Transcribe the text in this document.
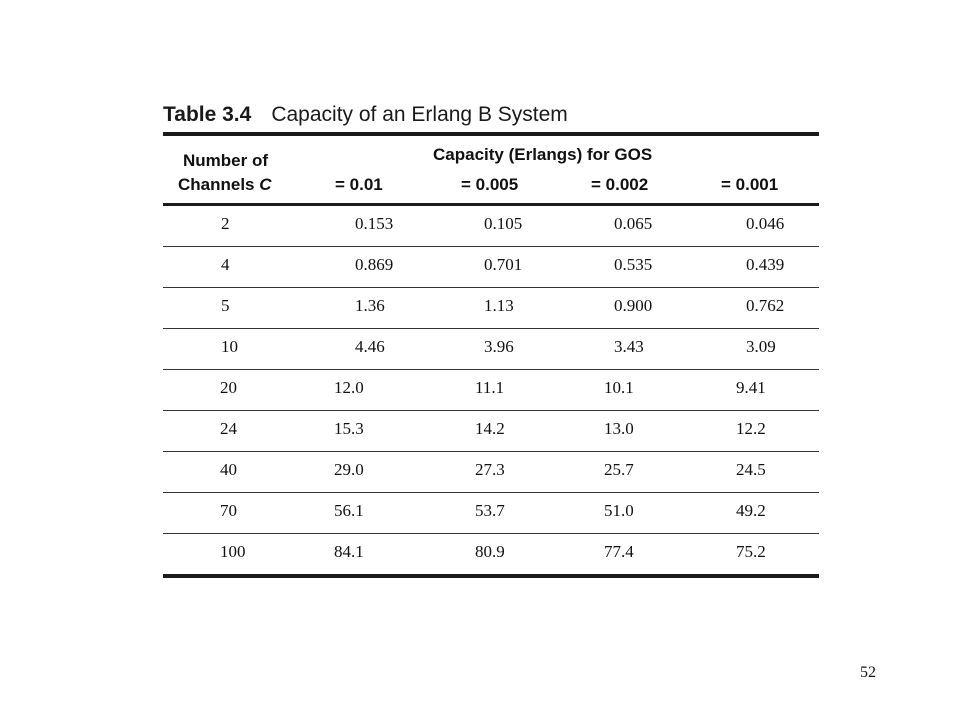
Table 3.4 Capacity of an Erlang B System
Number of
Channels C
Capacity (Erlangs) for GOS
= 0.01	= 0.005	= 0.002	= 0.001
2	0.153	0.105	0.065	0.046
4	0.869	0.701	0.535	0.439
5	1.36	1.13	0.900	0.762
10	4.46	3.96	3.43	3.09
20	12.0	11.1	10.1	9.41
24	15.3	14.2	13.0	12.2
40	29.0	27.3	25.7	24.5
70	56.1	53.7	51.0	49.2
100	84.1	80.9	77.4	75.2
52
